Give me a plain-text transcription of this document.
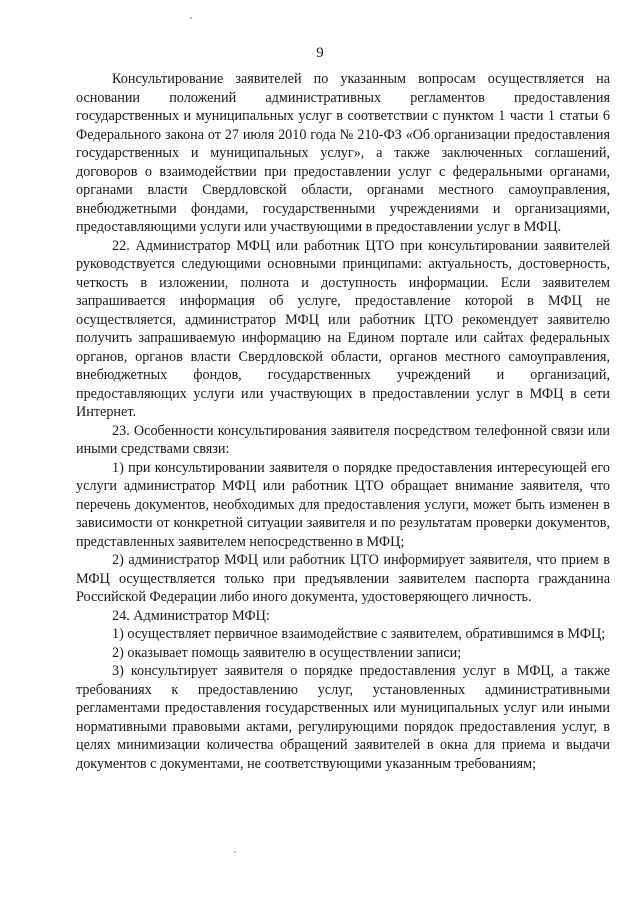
9

Консультирование заявителей по указанным вопросам осуществляется на основании положений административных регламентов предоставления государственных и муниципальных услуг в соответствии с пунктом 1 части 1 статьи 6 Федерального закона от 27 июля 2010 года № 210-ФЗ «Об организации предоставления государственных и муниципальных услуг», а также заключенных соглашений, договоров о взаимодействии при предоставлении услуг с федеральными органами, органами власти Свердловской области, органами местного самоуправления, внебюджетными фондами, государственными учреждениями и организациями, предоставляющими услуги или участвующими в предоставлении услуг в МФЦ.

22. Администратор МФЦ или работник ЦТО при консультировании заявителей руководствуется следующими основными принципами: актуальность, достоверность, четкость в изложении, полнота и доступность информации. Если заявителем запрашивается информация об услуге, предоставление которой в МФЦ не осуществляется, администратор МФЦ или работник ЦТО рекомендует заявителю получить запрашиваемую информацию на Едином портале или сайтах федеральных органов, органов власти Свердловской области, органов местного самоуправления, внебюджетных фондов, государственных учреждений и организаций, предоставляющих услуги или участвующих в предоставлении услуг в МФЦ в сети Интернет.

23. Особенности консультирования заявителя посредством телефонной связи или иными средствами связи:

1) при консультировании заявителя о порядке предоставления интересующей его услуги администратор МФЦ или работник ЦТО обращает внимание заявителя, что перечень документов, необходимых для предоставления услуги, может быть изменен в зависимости от конкретной ситуации заявителя и по результатам проверки документов, представленных заявителем непосредственно в МФЦ;

2) администратор МФЦ или работник ЦТО информирует заявителя, что прием в МФЦ осуществляется только при предъявлении заявителем паспорта гражданина Российской Федерации либо иного документа, удостоверяющего личность.

24. Администратор МФЦ:

1) осуществляет первичное взаимодействие с заявителем, обратившимся в МФЦ;

2) оказывает помощь заявителю в осуществлении записи;

3) консультирует заявителя о порядке предоставления услуг в МФЦ, а также требованиях к предоставлению услуг, установленных административными регламентами предоставления государственных или муниципальных услуг или иными нормативными правовыми актами, регулирующими порядок предоставления услуг, в целях минимизации количества обращений заявителей в окна для приема и выдачи документов с документами, не соответствующими указанным требованиям;
